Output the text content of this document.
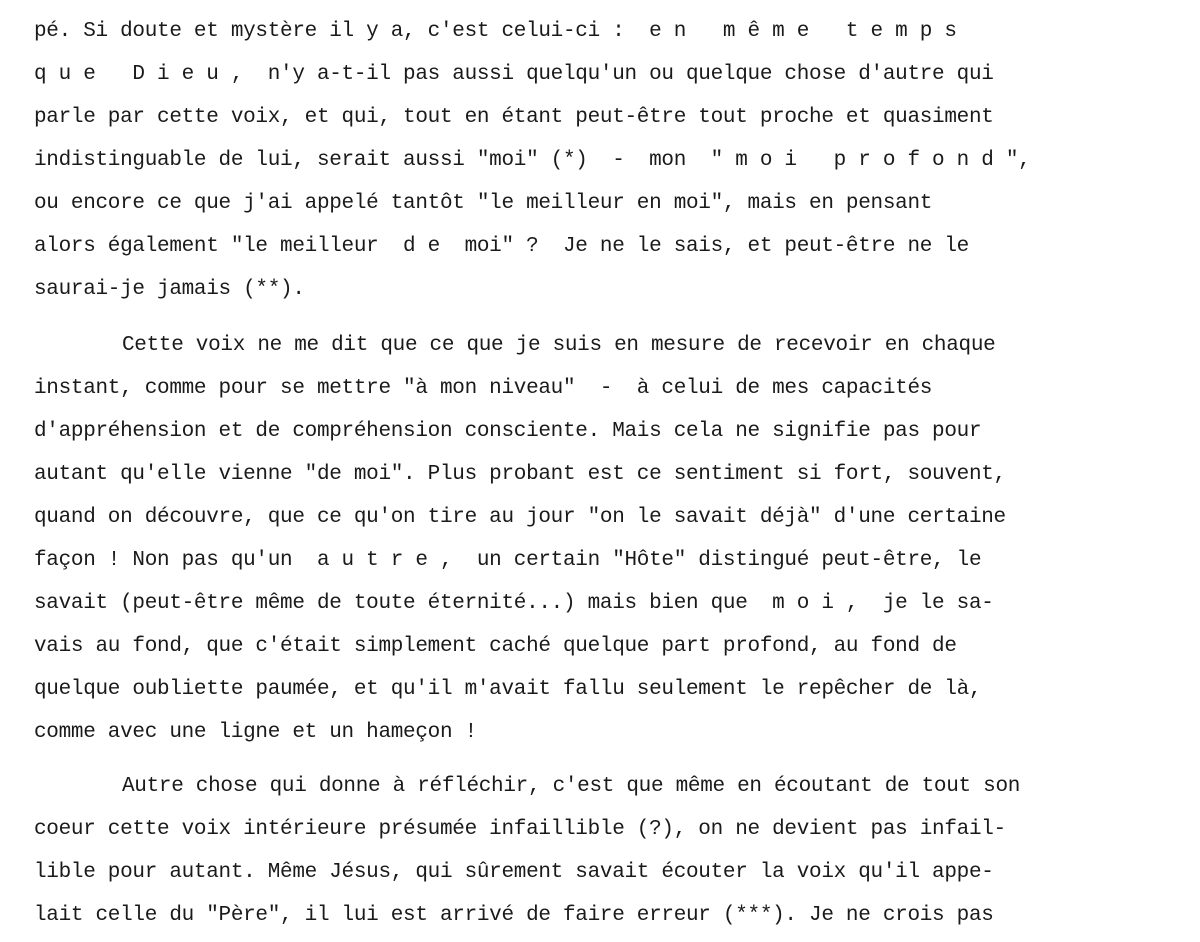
pé. Si doute et mystère il y a, c'est celui-ci :  e n   m ê m e   t e m p s
q u e   D i e u ,  n'y a-t-il pas aussi quelqu'un ou quelque chose d'autre qui
parle par cette voix, et qui, tout en étant peut-être tout proche et quasiment
indistinguable de lui, serait aussi "moi" (*)  -  mon  " m o i   p r o f o n d ",
ou encore ce que j'ai appelé tantôt "le meilleur en moi", mais en pensant
alors également "le meilleur  d e  moi" ?  Je ne le sais, et peut-être ne le
saurai-je jamais (**).
Cette voix ne me dit que ce que je suis en mesure de recevoir en chaque
instant, comme pour se mettre "à mon niveau"  -  à celui de mes capacités
d'appréhension et de compréhension consciente. Mais cela ne signifie pas pour
autant qu'elle vienne "de moi". Plus probant est ce sentiment si fort, souvent,
quand on découvre, que ce qu'on tire au jour "on le savait déjà" d'une certaine
façon ! Non pas qu'un  a u t r e ,  un certain "Hôte" distingué peut-être, le
savait (peut-être même de toute éternité...) mais bien que  m o i ,  je le sa-
vais au fond, que c'était simplement caché quelque part profond, au fond de
quelque oubliette paumée, et qu'il m'avait fallu seulement le repêcher de là,
comme avec une ligne et un hameçon !
Autre chose qui donne à réfléchir, c'est que même en écoutant de tout son
coeur cette voix intérieure présumée infaillible (?), on ne devient pas infail-
lible pour autant. Même Jésus, qui sûrement savait écouter la voix qu'il appe-
lait celle du "Père", il lui est arrivé de faire erreur (***). Je ne crois pas
